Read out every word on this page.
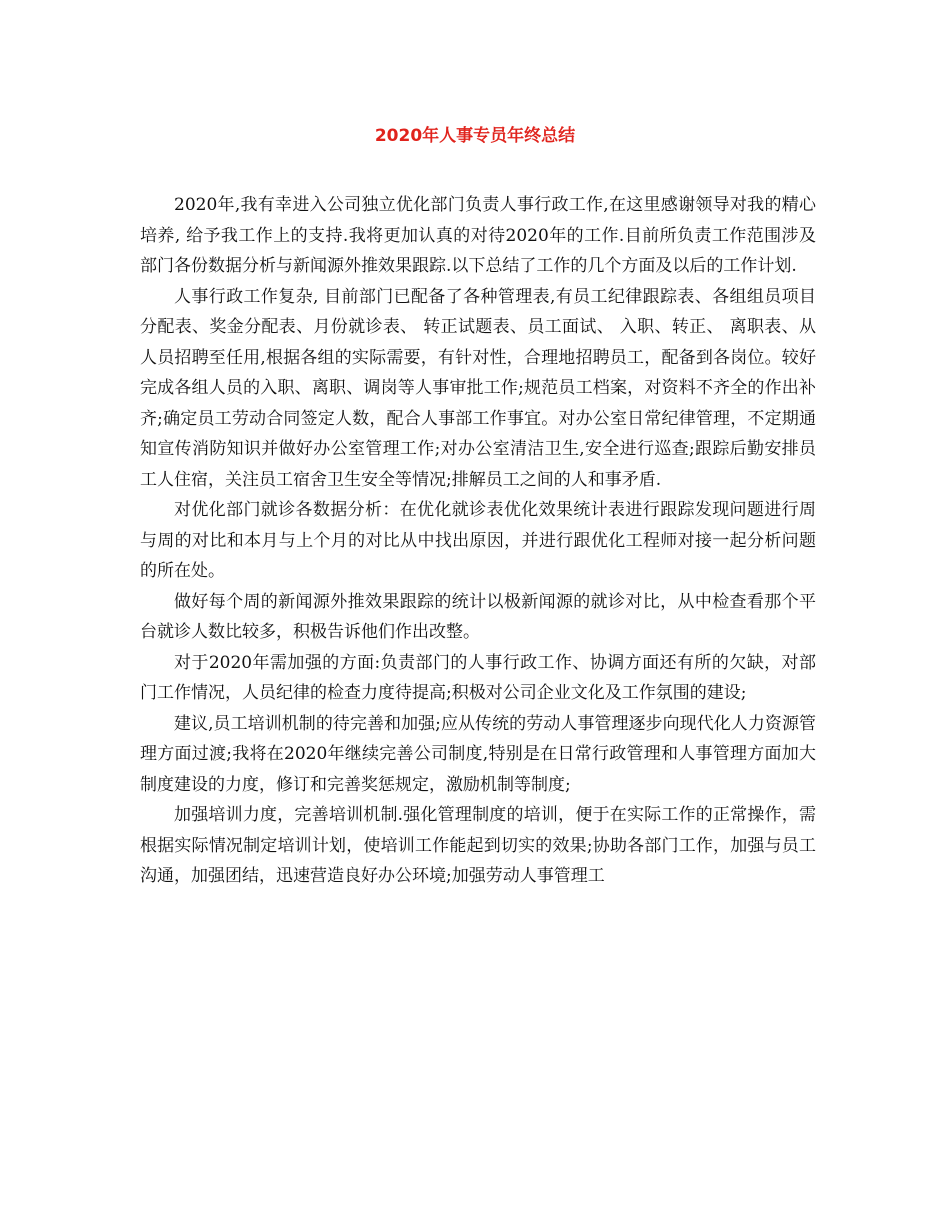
2020年人事专员年终总结

2020年,我有幸进入公司独立优化部门负责人事行政工作,在这里感谢领导对我的精心培养, 给予我工作上的支持.我将更加认真的对待2020年的工作.目前所负责工作范围涉及部门各份数据分析与新闻源外推效果跟踪.以下总结了工作的几个方面及以后的工作计划.

人事行政工作复杂, 目前部门已配备了各种管理表,有员工纪律跟踪表、各组组员项目分配表、奖金分配表、月份就诊表、 转正试题表、员工面试、 入职、转正、 离职表、从人员招聘至任用,根据各组的实际需要，有针对性，合理地招聘员工，配备到各岗位。较好完成各组人员的入职、离职、调岗等人事审批工作;规范员工档案，对资料不齐全的作出补齐;确定员工劳动合同签定人数，配合人事部工作事宜。对办公室日常纪律管理，不定期通知宣传消防知识并做好办公室管理工作;对办公室清洁卫生,安全进行巡查;跟踪后勤安排员工人住宿，关注员工宿舍卫生安全等情况;排解员工之间的人和事矛盾.

对优化部门就诊各数据分析：在优化就诊表优化效果统计表进行跟踪发现问题进行周与周的对比和本月与上个月的对比从中找出原因，并进行跟优化工程师对接一起分析问题的所在处。

做好每个周的新闻源外推效果跟踪的统计以极新闻源的就诊对比，从中检查看那个平台就诊人数比较多，积极告诉他们作出改整。

对于2020年需加强的方面:负责部门的人事行政工作、协调方面还有所的欠缺，对部门工作情况，人员纪律的检查力度待提高;积极对公司企业文化及工作氛围的建设;

建议,员工培训机制的待完善和加强;应从传统的劳动人事管理逐步向现代化人力资源管理方面过渡;我将在2020年继续完善公司制度,特别是在日常行政管理和人事管理方面加大制度建设的力度，修订和完善奖惩规定，激励机制等制度;

加强培训力度，完善培训机制.强化管理制度的培训，便于在实际工作的正常操作，需根据实际情况制定培训计划，使培训工作能起到切实的效果;协助各部门工作，加强与员工沟通，加强团结，迅速营造良好办公环境;加强劳动人事管理工
